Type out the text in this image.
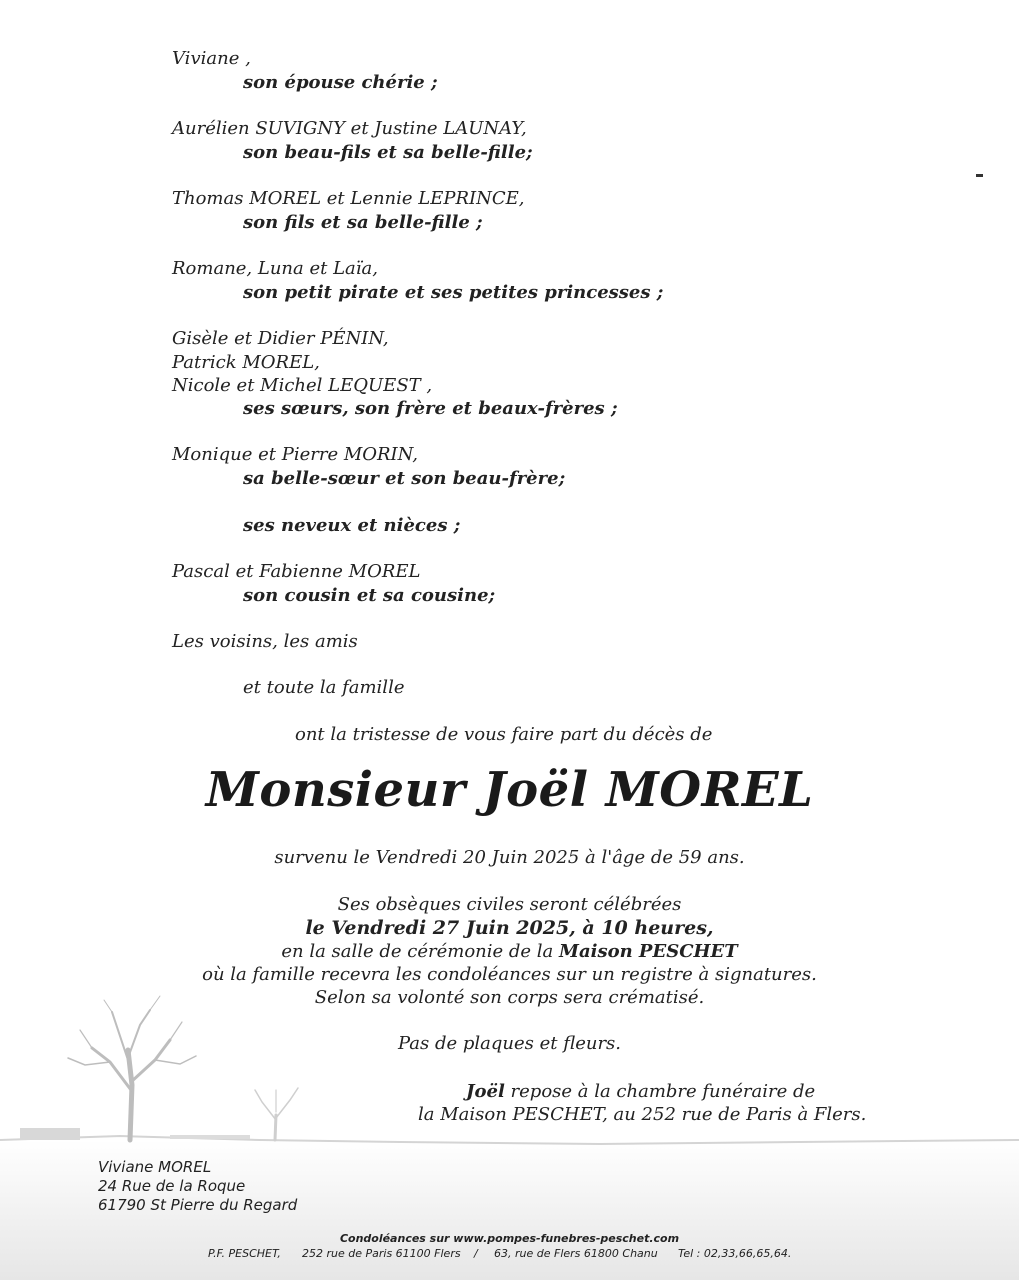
Viviane ,
son épouse chérie ;
Aurélien SUVIGNY et Justine LAUNAY,
son beau-fils et sa belle-fille;
Thomas MOREL et Lennie LEPRINCE,
son fils et sa belle-fille ;
Romane, Luna et Laïa,
son petit pirate et ses petites princesses ;
Gisèle et Didier PÉNIN,
Patrick MOREL,
Nicole et Michel LEQUEST ,
ses sœurs, son frère et beaux-frères ;
Monique et Pierre MORIN,
sa belle-sœur et son beau-frère;
ses neveux et nièces ;
Pascal et Fabienne MOREL
son cousin et sa cousine;
Les voisins, les amis
et toute la famille
ont la tristesse de vous faire part du décès de
Monsieur Joël MOREL
survenu le Vendredi 20 Juin 2025 à l'âge de 59 ans.
Ses obsèques civiles seront célébrées
le Vendredi 27 Juin 2025, à 10 heures,
en la salle de cérémonie de la Maison PESCHET
où la famille recevra les condoléances sur un registre à signatures.
Selon sa volonté son corps sera crématisé.
Pas de plaques et fleurs.
Joël repose à la chambre funéraire de
la Maison PESCHET, au 252 rue de Paris à Flers.
Viviane MOREL
24 Rue de la Roque
61790 St Pierre du Regard
Condoléances sur www.pompes-funebres-peschet.com
P.F. PESCHET, 252 rue de Paris 61100 Flers / 63, rue de Flers 61800 Chanu Tel : 02,33,66,65,64.
